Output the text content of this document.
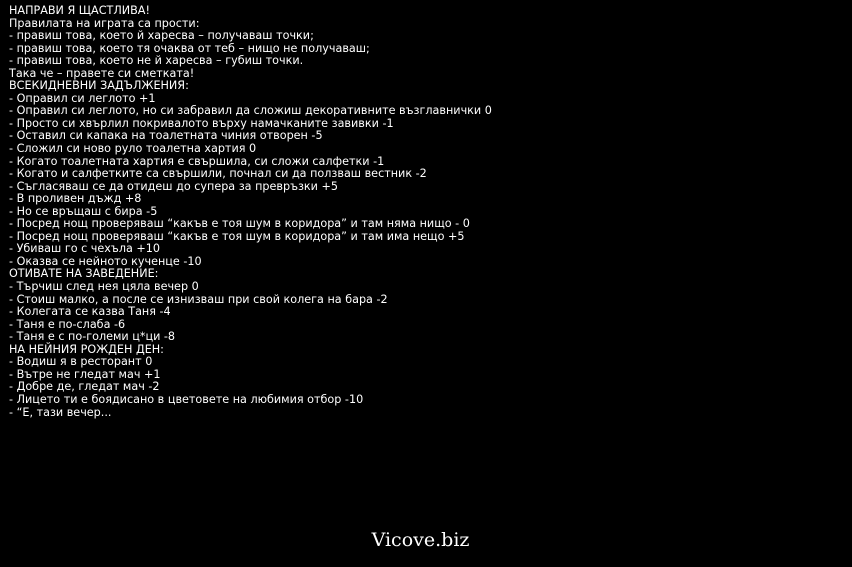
НАПРАВИ Я ЩАСТЛИВА!
Правилата на играта са прости:
- правиш това, което й харесва – получаваш точки;
- правиш това, което тя очаква от теб – нищо не получаваш;
- правиш това, което не й харесва – губиш точки.
Така че – правете си сметката!
ВСЕКИДНЕВНИ ЗАДЪЛЖЕНИЯ:
- Оправил си леглото +1
- Оправил си леглото, но си забравил да сложиш декоративните възглавнички 0
- Просто си хвърлил покривалото върху намачканите завивки -1
- Оставил си капака на тоалетната чиния отворен -5
- Сложил си ново руло тоалетна хартия 0
- Когато тоалетната хартия е свършила, си сложи салфетки -1
- Когато и салфетките са свършили, почнал си да ползваш вестник -2
- Съгласяваш се да отидеш до супера за превръзки +5
- В проливен дъжд +8
- Но се връщаш с бира -5
- Посред нощ проверяваш “какъв е тоя шум в коридора” и там няма нищо - 0
- Посред нощ проверяваш “какъв е тоя шум в коридора” и там има нещо +5
- Убиваш го с чехъла +10
- Оказва се нейното кученце -10
ОТИВАТЕ НА ЗАВЕДЕНИЕ:
- Търчиш след нея цяла вечер 0
- Стоиш малко, а после се изнизваш при свой колега на бара -2
- Колегата се казва Таня -4
- Таня е по-слаба -6
- Таня е с по-големи ц*ци -8
НА НЕЙНИЯ РОЖДЕН ДЕН:
- Водиш я в ресторант 0
- Вътре не гледат мач +1
- Добре де, гледат мач -2
- Лицето ти е боядисано в цветовете на любимия отбор -10
- “Е, тази вечер...
Vicove.biz
